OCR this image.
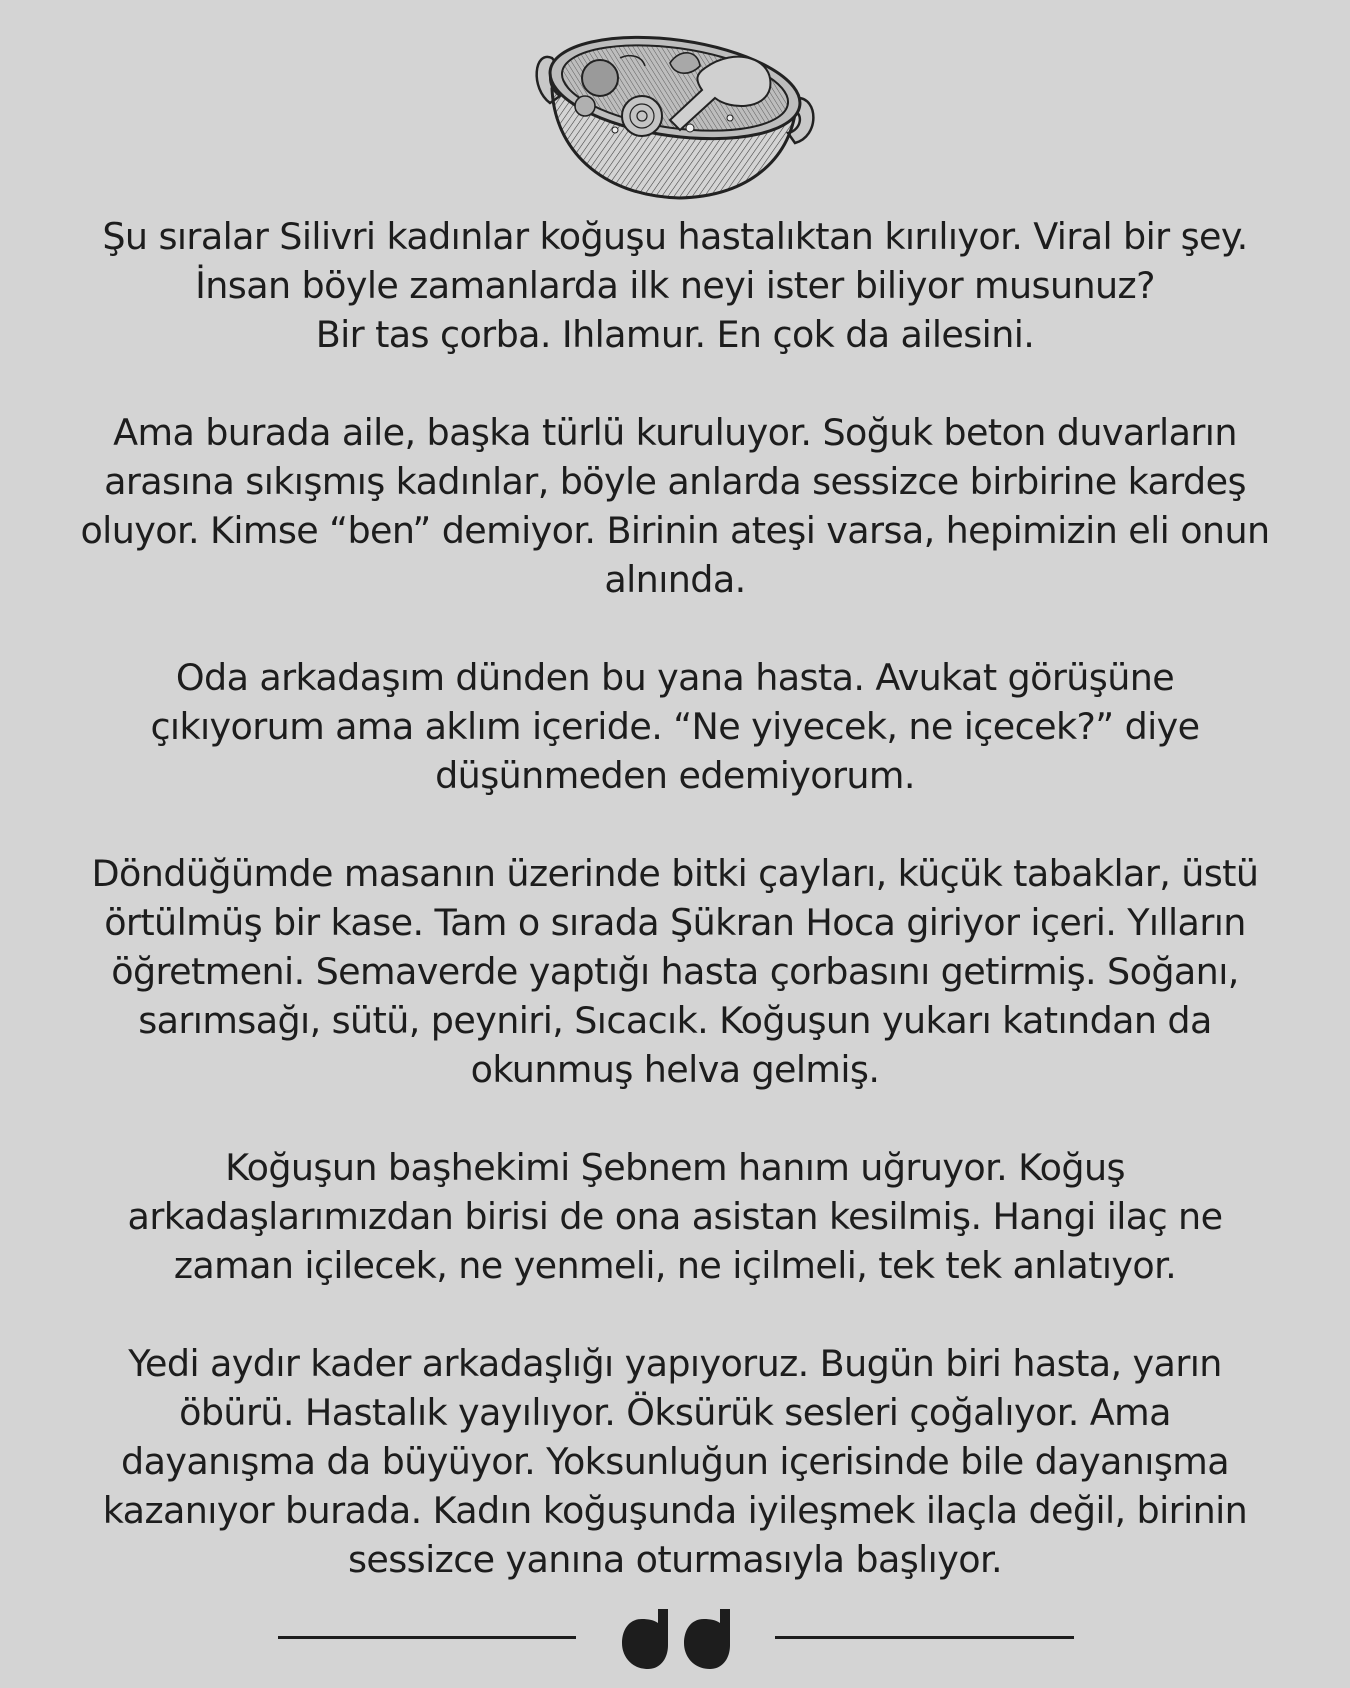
Şu sıralar Silivri kadınlar koğuşu hastalıktan kırılıyor. Viral bir şey.
İnsan böyle zamanlarda ilk neyi ister biliyor musunuz?
Bir tas çorba. Ihlamur. En çok da ailesini.
Ama burada aile, başka türlü kuruluyor. Soğuk beton duvarların
arasına sıkışmış kadınlar, böyle anlarda sessizce birbirine kardeş
oluyor. Kimse “ben” demiyor. Birinin ateşi varsa, hepimizin eli onun
alnında.
Oda arkadaşım dünden bu yana hasta. Avukat görüşüne
çıkıyorum ama aklım içeride. “Ne yiyecek, ne içecek?” diye
düşünmeden edemiyorum.
Döndüğümde masanın üzerinde bitki çayları, küçük tabaklar, üstü
örtülmüş bir kase. Tam o sırada Şükran Hoca giriyor içeri. Yılların
öğretmeni. Semaverde yaptığı hasta çorbasını getirmiş. Soğanı,
sarımsağı, sütü, peyniri, Sıcacık. Koğuşun yukarı katından da
okunmuş helva gelmiş.
Koğuşun başhekimi Şebnem hanım uğruyor. Koğuş
arkadaşlarımızdan birisi de ona asistan kesilmiş. Hangi ilaç ne
zaman içilecek, ne yenmeli, ne içilmeli, tek tek anlatıyor.
Yedi aydır kader arkadaşlığı yapıyoruz. Bugün biri hasta, yarın
öbürü. Hastalık yayılıyor. Öksürük sesleri çoğalıyor. Ama
dayanışma da büyüyor. Yoksunluğun içerisinde bile dayanışma
kazanıyor burada. Kadın koğuşunda iyileşmek ilaçla değil, birinin
sessizce yanına oturmasıyla başlıyor.
